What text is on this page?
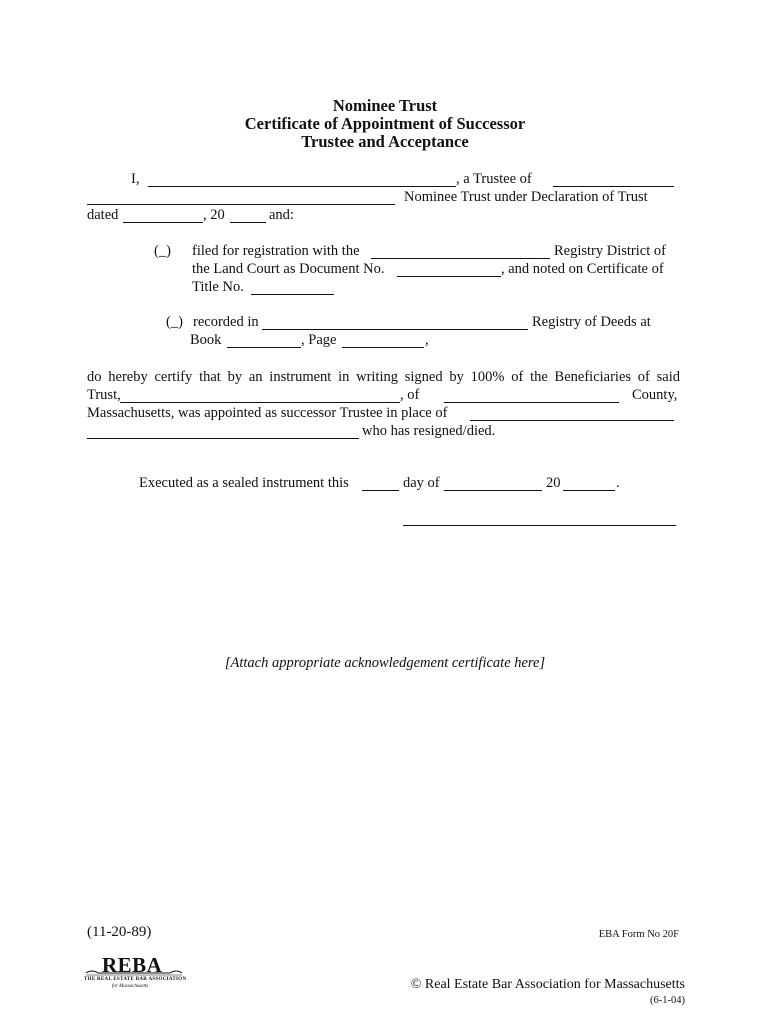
Nominee Trust
Certificate of Appointment of Successor
Trustee and Acceptance
I,	, a Trustee of
Nominee Trust under Declaration of Trust
dated	, 20	and:
(_) filed for registration with the	Registry District of
the Land Court as Document No.	, and noted on Certificate of
Title No.
(_) recorded in	Registry of Deeds at
Book	, Page	,
do hereby certify that by an instrument in writing signed by 100% of the Beneficiaries of said
Trust,	, of	County,
Massachusetts, was appointed as successor Trustee in place of
who has resigned/died.
Executed as a sealed instrument this	day of	20	.
[Attach appropriate acknowledgement certificate here]
(11-20-89)	EBA Form No 20F
REBA
THE REAL ESTATE BAR ASSOCIATION
for Massachusetts	© Real Estate Bar Association for Massachusetts
(6-1-04)
